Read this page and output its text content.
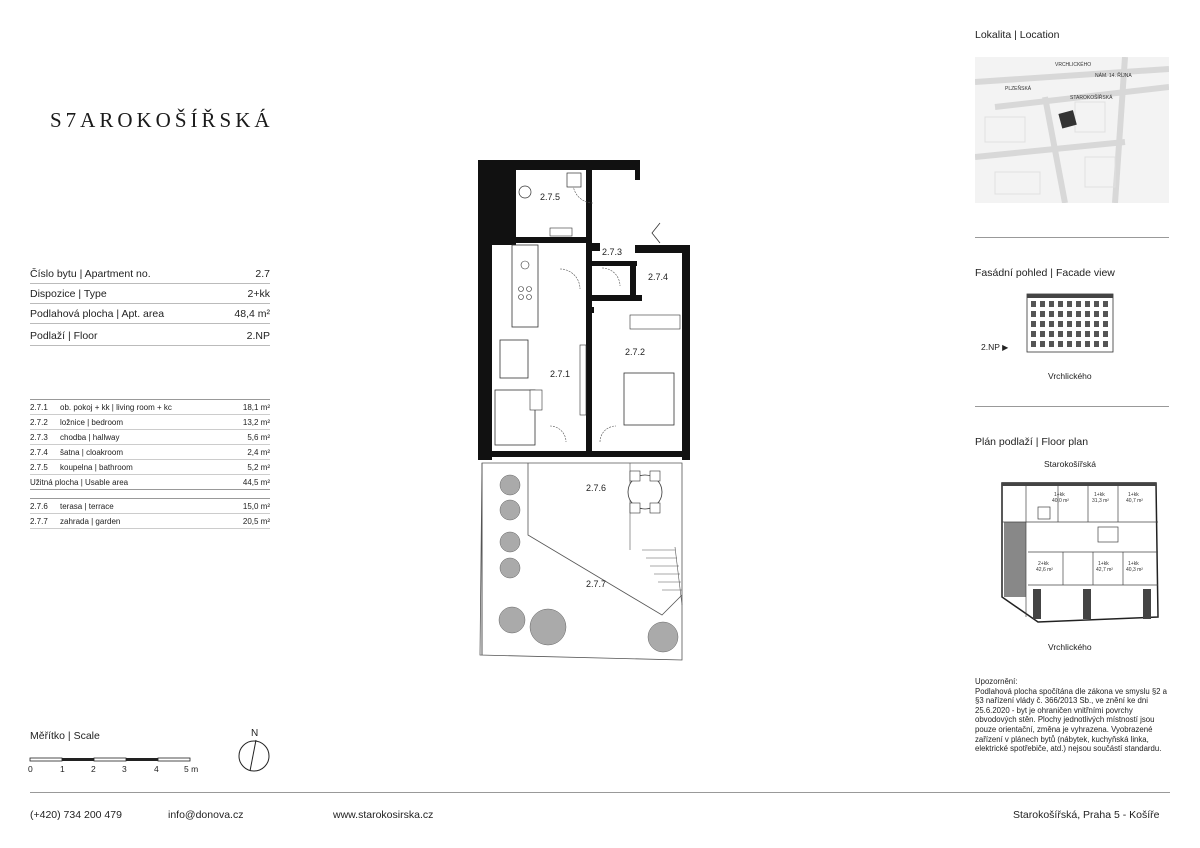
S7AROKOŠÍŘSKÁ
Číslo bytu | Apartment no.	2.7
Dispozice | Type	2+kk
Podlahová plocha | Apt. area	48,4 m²
Podlaží | Floor	2.NP
2.7.1	ob. pokoj + kk | living room + kc	18,1 m²
2.7.2	ložnice | bedroom	13,2 m²
2.7.3	chodba | hallway	5,6 m²
2.7.4	šatna | cloakroom	2,4 m²
2.7.5	koupelna | bathroom	5,2 m²
Užitná plocha | Usable area	44,5 m²
2.7.6	terasa | terrace	15,0 m²
2.7.7	zahrada | garden	20,5 m²
Měřítko | Scale
0	1	2	3	4	5 m
N
2.7.1
2.7.2
2.7.3
2.7.4
2.7.5
2.7.6
2.7.7
Lokalita | Location
VRCHLICKÉHO
PLZEŇSKÁ
STAROKOŠÍŘSKÁ
NÁM. 14. ŘÍJNA
Fasádní pohled | Facade view
2.NP ▶
Vrchlického
Plán podlaží | Floor plan
Starokošířská
1+kk
40,0 m²
1+kk
31,3 m²
1+kk
40,7 m²
2+kk
42,6 m²
1+kk
42,7 m²
1+kk
40,3 m²
Vrchlického
Upozornění:
Podlahová plocha spočítána dle zákona ve smyslu §2 a §3 nařízení vlády č. 366/2013 Sb., ve znění ke dni 25.6.2020 - byt je ohraničen vnitřními povrchy obvodových stěn. Plochy jednotlivých místností jsou pouze orientační, změna je vyhrazena. Vyobrazené zařízení v plánech bytů (nábytek, kuchyňská linka, elektrické spotřebiče, atd.) nejsou součástí standardu.
(+420) 734 200 479	info@donova.cz	www.starokosirska.cz	Starokošířská, Praha 5 - Košíře
